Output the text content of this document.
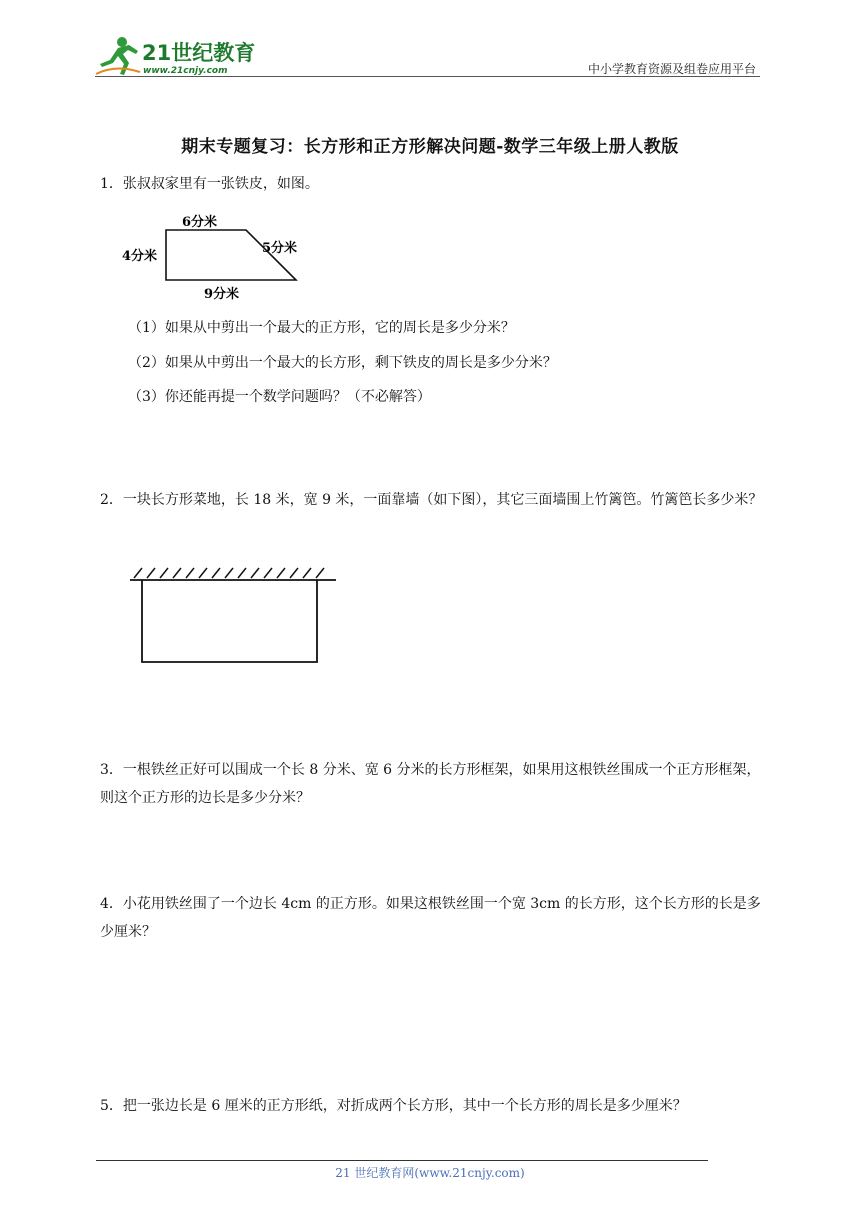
21世纪教育
www.21cnjy.com	中小学教育资源及组卷应用平台
期末专题复习：长方形和正方形解决问题-数学三年级上册人教版
1．张叔叔家里有一张铁皮，如图。
6分米
4分米
5分米
9分米
（1）如果从中剪出一个最大的正方形，它的周长是多少分米？
（2）如果从中剪出一个最大的长方形，剩下铁皮的周长是多少分米？
（3）你还能再提一个数学问题吗？（不必解答）
2．一块长方形菜地，长 18 米，宽 9 米，一面靠墙（如下图），其它三面墙围上竹篱笆。竹篱笆长多少米？
3．一根铁丝正好可以围成一个长 8 分米、宽 6 分米的长方形框架，如果用这根铁丝围成一个正方形框架，则这个正方形的边长是多少分米？
4．小花用铁丝围了一个边长 4cm 的正方形。如果这根铁丝围一个宽 3cm 的长方形，这个长方形的长是多少厘米？
5．把一张边长是 6 厘米的正方形纸，对折成两个长方形，其中一个长方形的周长是多少厘米？
21 世纪教育网(www.21cnjy.com)
